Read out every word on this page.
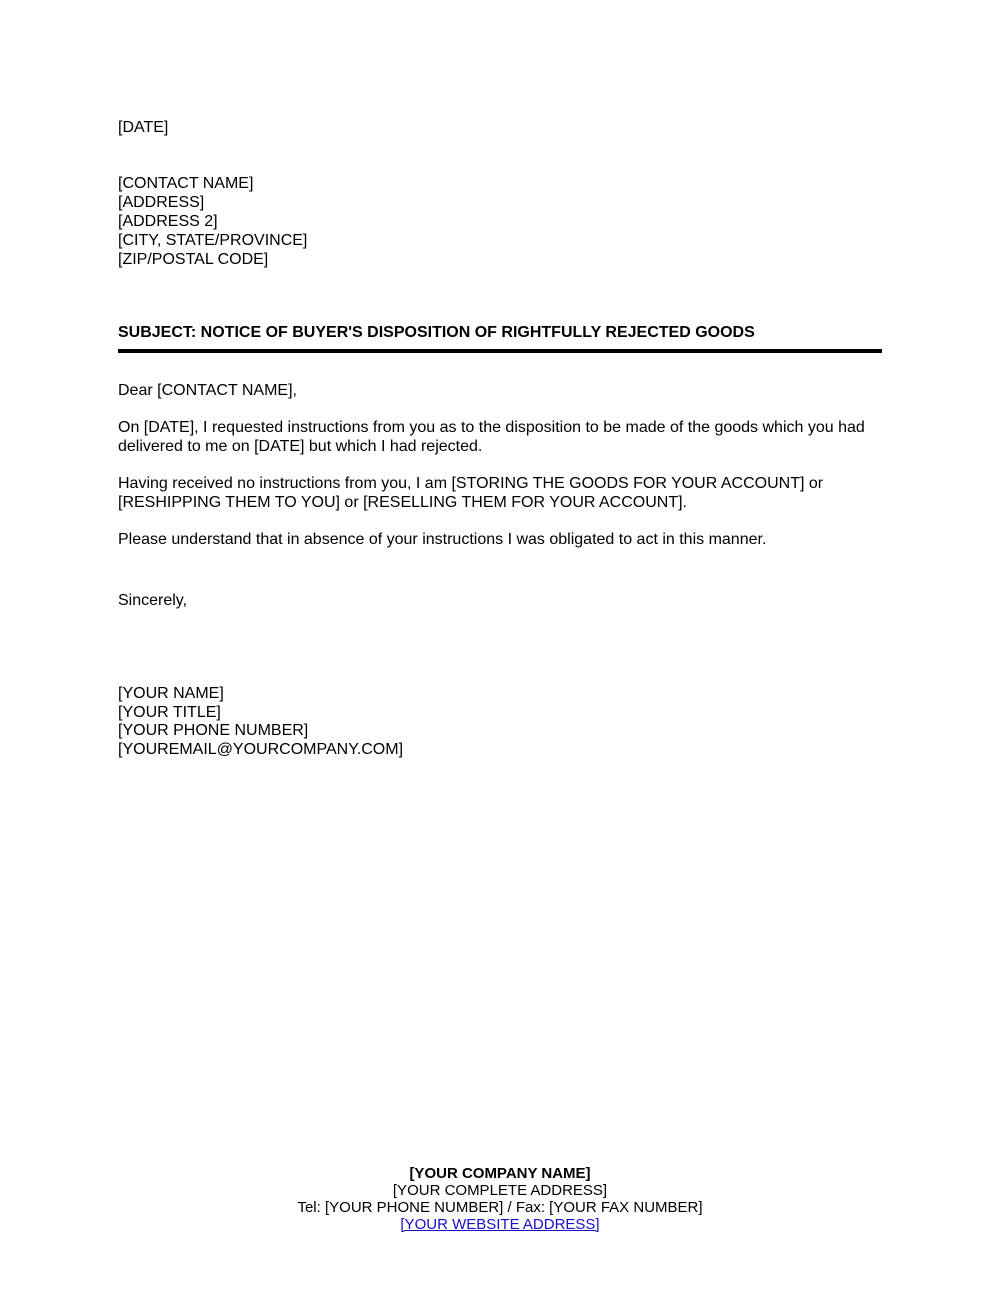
[DATE]
[CONTACT NAME]
[ADDRESS]
[ADDRESS 2]
[CITY, STATE/PROVINCE]
[ZIP/POSTAL CODE]
SUBJECT: NOTICE OF BUYER'S DISPOSITION OF RIGHTFULLY REJECTED GOODS
Dear [CONTACT NAME],
On [DATE], I requested instructions from you as to the disposition to be made of the goods which you had
delivered to me on [DATE] but which I had rejected.
Having received no instructions from you, I am [STORING THE GOODS FOR YOUR ACCOUNT] or
[RESHIPPING THEM TO YOU] or [RESELLING THEM FOR YOUR ACCOUNT].
Please understand that in absence of your instructions I was obligated to act in this manner.
Sincerely,
[YOUR NAME]
[YOUR TITLE]
[YOUR PHONE NUMBER]
[YOUREMAIL@YOURCOMPANY.COM]
[YOUR COMPANY NAME]
[YOUR COMPLETE ADDRESS]
Tel: [YOUR PHONE NUMBER] / Fax: [YOUR FAX NUMBER]
[YOUR WEBSITE ADDRESS]
